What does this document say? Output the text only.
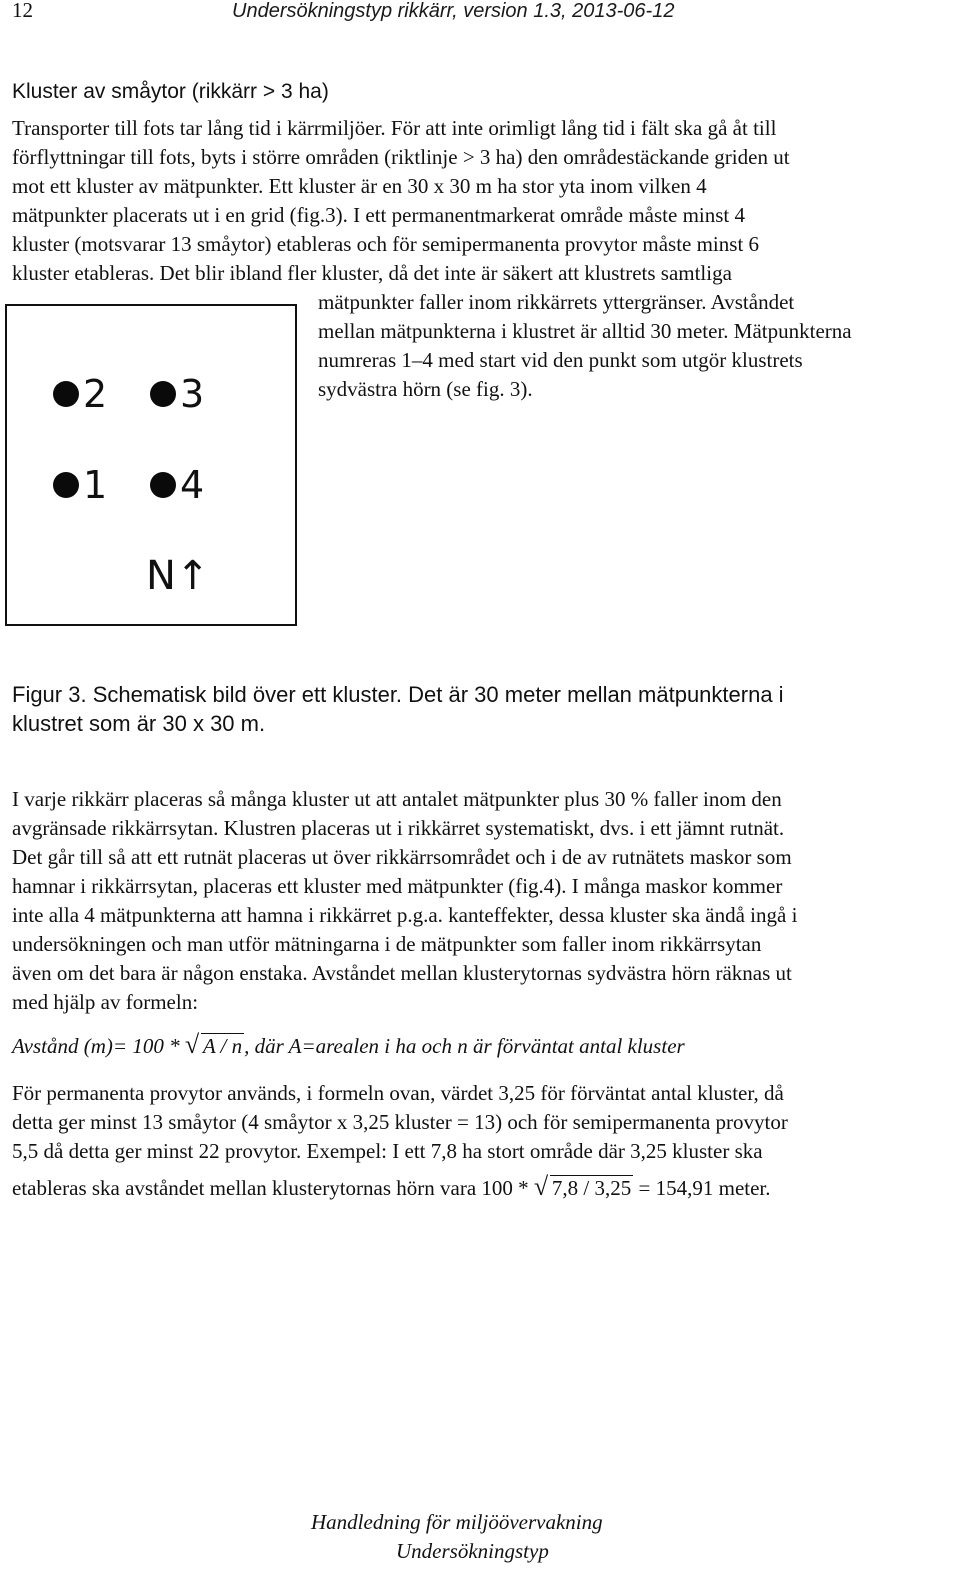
12	Undersökningstyp rikkärr, version 1.3, 2013-06-12
Kluster av småytor (rikkärr > 3 ha)
Transporter till fots tar lång tid i kärrmiljöer. För att inte orimligt lång tid i fält ska gå åt till
förflyttningar till fots, byts i större områden (riktlinje > 3 ha) den områdestäckande griden ut
mot ett kluster av mätpunkter. Ett kluster är en 30 x 30 m ha stor yta inom vilken 4
mätpunkter placerats ut i en grid (fig.3). I ett permanentmarkerat område måste minst 4
kluster (motsvarar 13 småytor) etableras och för semipermanenta provytor måste minst 6
kluster etableras. Det blir ibland fler kluster, då det inte är säkert att klustrets samtliga
mätpunkter faller inom rikkärrets yttergränser. Avståndet
mellan mätpunkterna i klustret är alltid 30 meter. Mätpunkterna
numreras 1–4 med start vid den punkt som utgör klustrets
sydvästra hörn (se fig. 3).
2 3
1 4
N↑
Figur 3. Schematisk bild över ett kluster. Det är 30 meter mellan mätpunkterna i
klustret som är 30 x 30 m.
I varje rikkärr placeras så många kluster ut att antalet mätpunkter plus 30 % faller inom den
avgränsade rikkärrsytan. Klustren placeras ut i rikkärret systematiskt, dvs. i ett jämnt rutnät.
Det går till så att ett rutnät placeras ut över rikkärrsområdet och i de av rutnätets maskor som
hamnar i rikkärrsytan, placeras ett kluster med mätpunkter (fig.4). I många maskor kommer
inte alla 4 mätpunkterna att hamna i rikkärret p.g.a. kanteffekter, dessa kluster ska ändå ingå i
undersökningen och man utför mätningarna i de mätpunkter som faller inom rikkärrsytan
även om det bara är någon enstaka. Avståndet mellan klusterytornas sydvästra hörn räknas ut
med hjälp av formeln:
Avstånd (m)= 100 * √ A / n, där A=arealen i ha och n är förväntat antal kluster
För permanenta provytor används, i formeln ovan, värdet 3,25 för förväntat antal kluster, då
detta ger minst 13 småytor (4 småytor x 3,25 kluster = 13) och för semipermanenta provytor
5,5 då detta ger minst 22 provytor. Exempel: I ett 7,8 ha stort område där 3,25 kluster ska
etableras ska avståndet mellan klusterytornas hörn vara 100 * √ 7,8 / 3,25 = 154,91 meter.
Handledning för miljöövervakning
Undersökningstyp
